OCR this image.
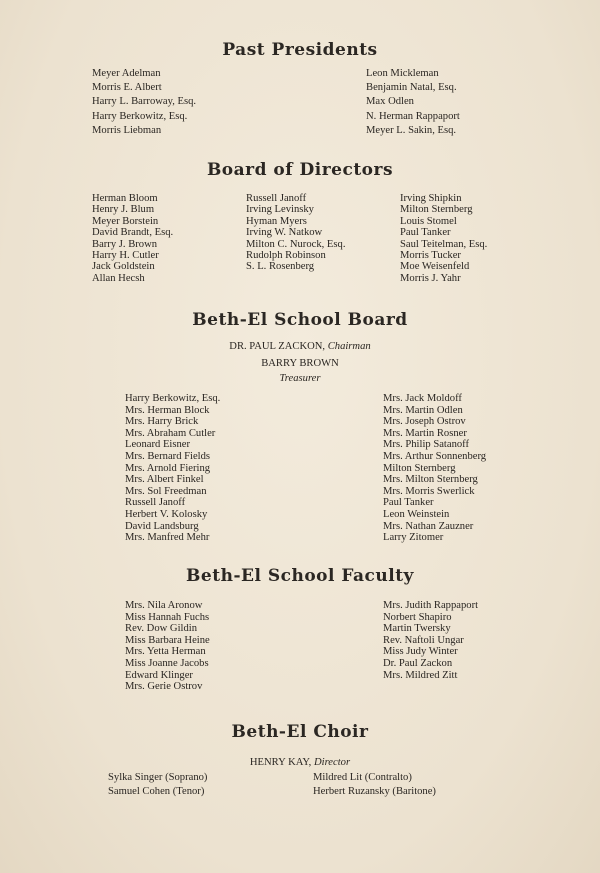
Past Presidents
Meyer Adelman
Morris E. Albert
Harry L. Barroway, Esq.
Harry Berkowitz, Esq.
Morris Liebman
Leon Mickleman
Benjamin Natal, Esq.
Max Odlen
N. Herman Rappaport
Meyer L. Sakin, Esq.
Board of Directors
Herman Bloom
Henry J. Blum
Meyer Borstein
David Brandt, Esq.
Barry J. Brown
Harry H. Cutler
Jack Goldstein
Allan Hecsh
Russell Janoff
Irving Levinsky
Hyman Myers
Irving W. Natkow
Milton C. Nurock, Esq.
Rudolph Robinson
S. L. Rosenberg
Irving Shipkin
Milton Sternberg
Louis Stomel
Paul Tanker
Saul Teitelman, Esq.
Morris Tucker
Moe Weisenfeld
Morris J. Yahr
Beth-El School Board
DR. PAUL ZACKON, Chairman
BARRY BROWN
Treasurer
Harry Berkowitz, Esq.
Mrs. Herman Block
Mrs. Harry Brick
Mrs. Abraham Cutler
Leonard Eisner
Mrs. Bernard Fields
Mrs. Arnold Fiering
Mrs. Albert Finkel
Mrs. Sol Freedman
Russell Janoff
Herbert V. Kolosky
David Landsburg
Mrs. Manfred Mehr
Mrs. Jack Moldoff
Mrs. Martin Odlen
Mrs. Joseph Ostrov
Mrs. Martin Rosner
Mrs. Philip Satanoff
Mrs. Arthur Sonnenberg
Milton Sternberg
Mrs. Milton Sternberg
Mrs. Morris Swerlick
Paul Tanker
Leon Weinstein
Mrs. Nathan Zauzner
Larry Zitomer
Beth-El School Faculty
Mrs. Nila Aronow
Miss Hannah Fuchs
Rev. Dow Gildin
Miss Barbara Heine
Mrs. Yetta Herman
Miss Joanne Jacobs
Edward Klinger
Mrs. Gerie Ostrov
Mrs. Judith Rappaport
Norbert Shapiro
Martin Twersky
Rev. Naftoli Ungar
Miss Judy Winter
Dr. Paul Zackon
Mrs. Mildred Zitt
Beth-El Choir
HENRY KAY, Director
Sylka Singer (Soprano)
Samuel Cohen (Tenor)
Mildred Lit (Contralto)
Herbert Ruzansky (Baritone)
